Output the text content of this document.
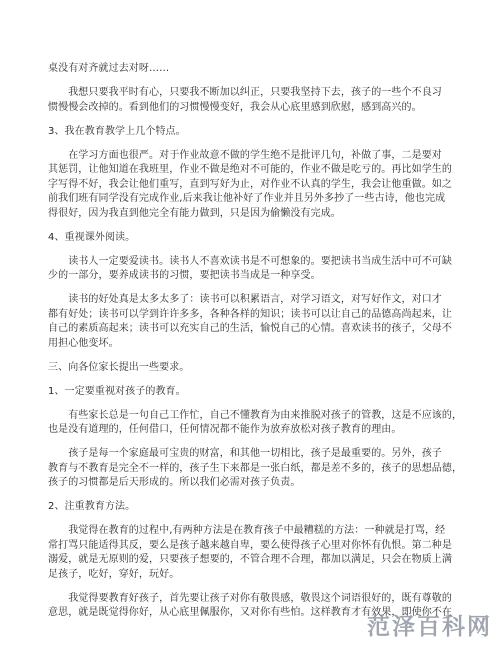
桌没有对齐就过去对呀……
　　我想只要我平时有心，只要我不断加以纠正，只要我坚持下去，孩子的一些个不良习
惯慢慢会改掉的。看到他们的习惯慢慢变好，我会从心底里感到欣慰，感到高兴的。
3、我在教育教学上几个特点。
　　在学习方面也很严。对于作业故意不做的学生绝不是批评几句，补做了事，二是要对
其惩罚，让他知道在我班里，作业不做是绝对不可能的，作业不做是吃亏的。再比如学生的
字写得不好，我会让他们重写，直到写好为止，对作业不认真的学生，我会让他重做。如之
前我们班有同学没有完成作业,后来我让他补好了作业并且另外多抄了一些古诗，他也完成
得很好，因为我直到他完全有能力做到，只是因为偷懒没有完成。
4、重视课外阅读。
　　读书人一定要爱读书。读书人不喜欢读书是不可想象的。要把读书当成生活中可不可缺
少的一部分，要养成读书的习惯，要把读书当成是一种享受。
　　读书的好处真是太多太多了：读书可以积累语言，对学习语文，对写好作文，对口才
都有好处；读书可以学到许许多多，各种各样的知识；读书可以让自己的品德高尚起来，让
自己的素质高起来；读书可以充实自己的生活，愉悦自己的心情。喜欢读书的孩子，父母不
用担心他变坏。
三、向各位家长提出一些要求。
1、一定要重视对孩子的教育。
　　有些家长总是一句自己工作忙，自己不懂教育为由来推脱对孩子的管教，这是不应该的，
也是没有道理的，任何借口，任何情况都不能作为放弃放松对孩子教育的理由。
　　孩子是每一个家庭最可宝贵的财富，和其他一切相比，孩子是最重要的。另外，孩子
教育与不教育是完全不一样的，孩子生下来都是一张白纸，都是差不多的，孩子的思想品德，
孩子的习惯都是后天形成的。所以我们必需对孩子负责。
2、注重教育方法。
　　我觉得在教育的过程中,有两种方法是在教育孩子中最糟糕的方法：一种就是打骂，经
常打骂只能适得其反，要么是孩子越来越自卑，要么使得孩子心里对你怀有仇恨。第二种是
溺爱，就是无原则的爱，只要孩子想要的，不管合理不合理，都加以满足，只会在物质上满
足孩子，吃好，穿好，玩好。
　　我觉得要教育好孩子，首先要让孩子对你有敬畏感，敬畏这个词语很好的，既有尊敬的
意思，就是既觉得你好，从心底里佩服你，又对你有些怕。这样教育才有效果，即使你不在
范泽百科网
